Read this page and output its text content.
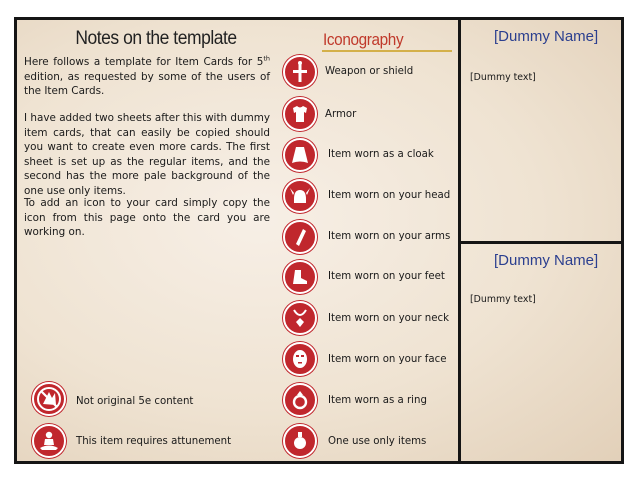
Notes on the template

Here follows a template for Item Cards for 5th edition, as requested by some of the users of the Item Cards.

I have added two sheets after this with dummy item cards, that can easily be copied should you want to create even more cards. The first sheet is set up as the regular items, and the second has the more pale background of the one use only items.

To add an icon to your card simply copy the icon from this page onto the card you are working on.

Not original 5e content
This item requires attunement
Iconography
Weapon or shield
Armor
Item worn as a cloak
Item worn on your head
Item worn on your arms
Item worn on your feet
Item worn on your neck
Item worn on your face
Item worn as a ring
One use only items
[Dummy Name]
[Dummy text]
[Dummy Name]
[Dummy text]
